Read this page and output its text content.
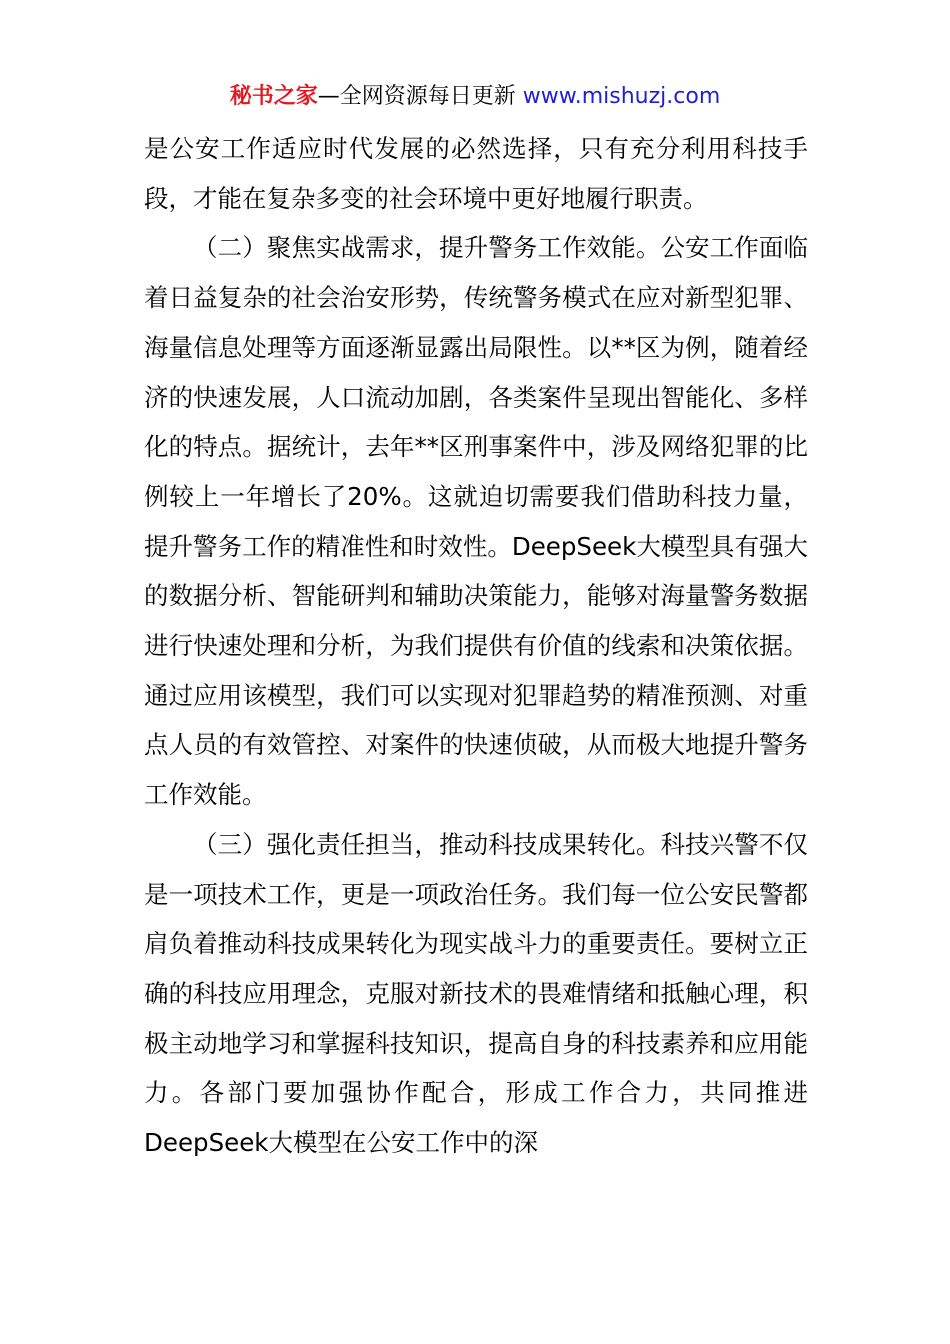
秘书之家—全网资源每日更新 www.mishuzj.com

是公安工作适应时代发展的必然选择，只有充分利用科技手段，才能在复杂多变的社会环境中更好地履行职责。

（二）聚焦实战需求，提升警务工作效能。公安工作面临着日益复杂的社会治安形势，传统警务模式在应对新型犯罪、海量信息处理等方面逐渐显露出局限性。以**区为例，随着经济的快速发展，人口流动加剧，各类案件呈现出智能化、多样化的特点。据统计，去年**区刑事案件中，涉及网络犯罪的比例较上一年增长了20%。这就迫切需要我们借助科技力量，提升警务工作的精准性和时效性。DeepSeek大模型具有强大的数据分析、智能研判和辅助决策能力，能够对海量警务数据进行快速处理和分析，为我们提供有价值的线索和决策依据。通过应用该模型，我们可以实现对犯罪趋势的精准预测、对重点人员的有效管控、对案件的快速侦破，从而极大地提升警务工作效能。

（三）强化责任担当，推动科技成果转化。科技兴警不仅是一项技术工作，更是一项政治任务。我们每一位公安民警都肩负着推动科技成果转化为现实战斗力的重要责任。要树立正确的科技应用理念，克服对新技术的畏难情绪和抵触心理，积极主动地学习和掌握科技知识，提高自身的科技素养和应用能力。各部门要加强协作配合，形成工作合力，共同推进DeepSeek大模型在公安工作中的深
